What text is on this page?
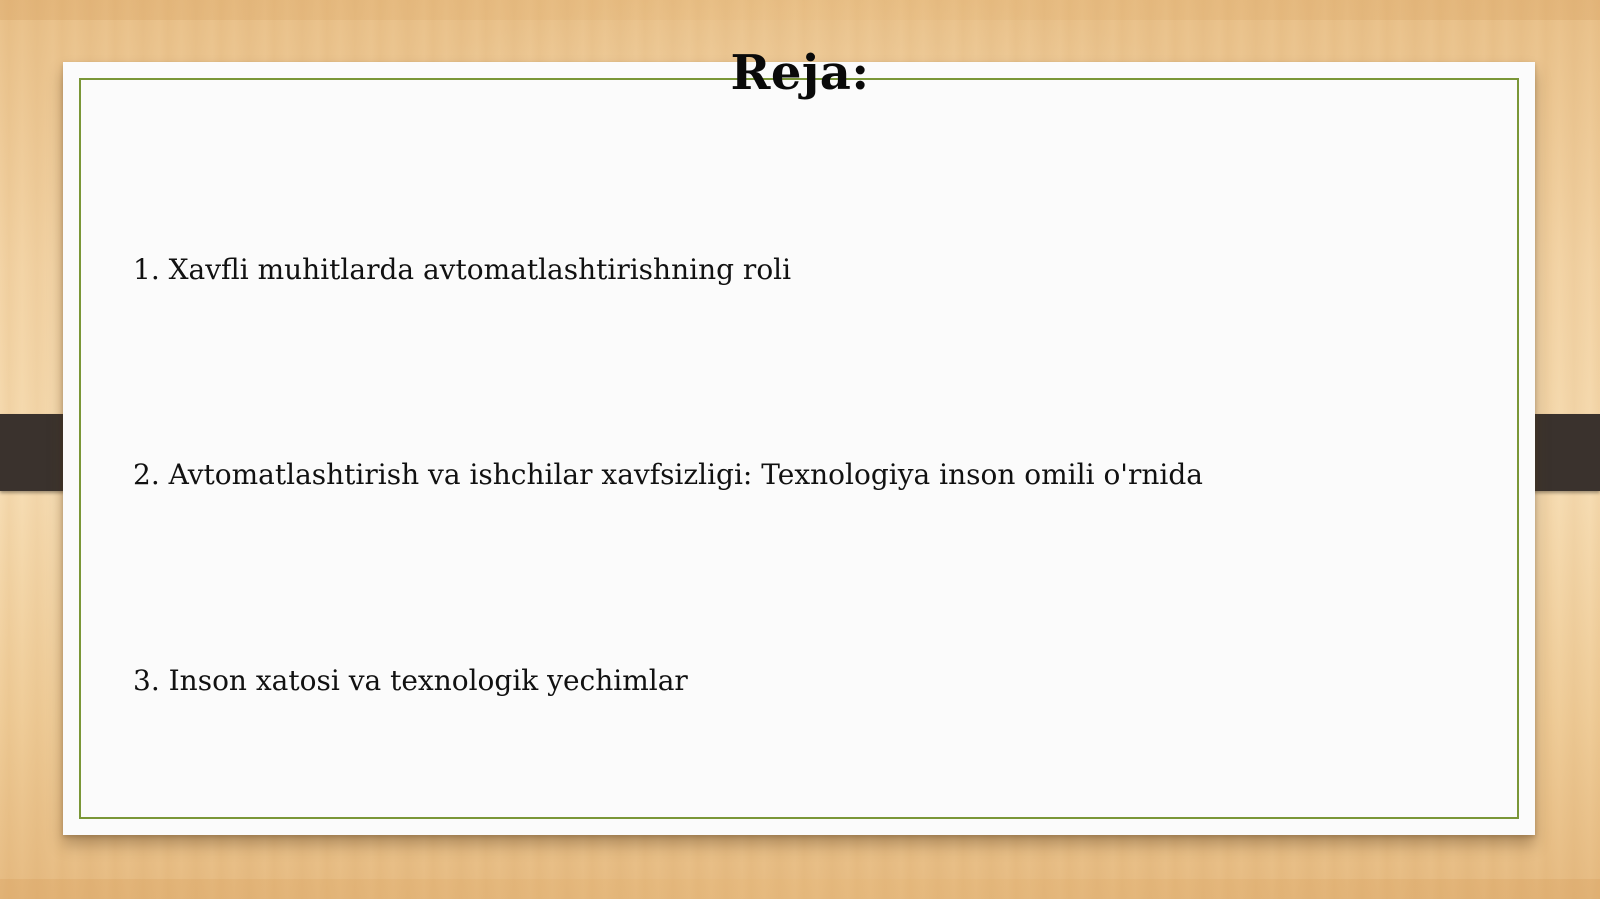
Reja:
1. Xavfli muhitlarda avtomatlashtirishning roli
2. Avtomatlashtirish va ishchilar xavfsizligi: Texnologiya inson omili o'rnida
3. Inson xatosi va texnologik yechimlar
